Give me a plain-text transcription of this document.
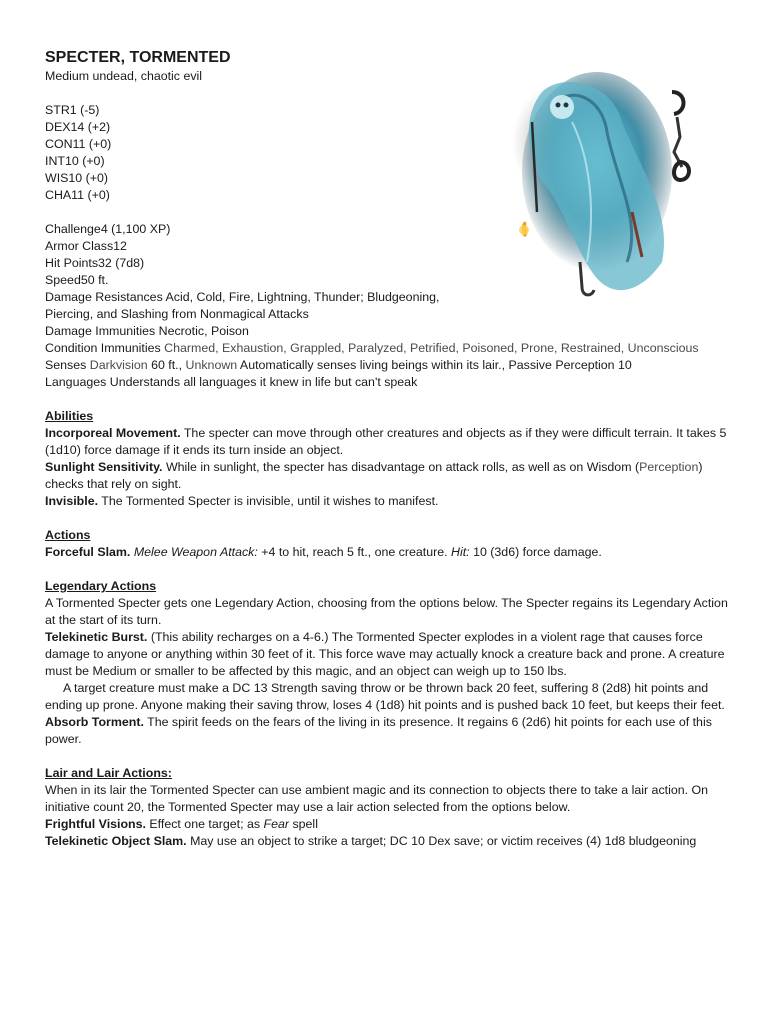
SPECTER, TORMENTED
Medium undead, chaotic evil
STR1 (-5)
DEX14 (+2)
CON11 (+0)
INT10 (+0)
WIS10 (+0)
CHA11 (+0)
Challenge4 (1,100 XP)
Armor Class12
Hit Points32 (7d8)
Speed50 ft.
Damage Resistances Acid, Cold, Fire, Lightning, Thunder; Bludgeoning, Piercing, and Slashing from Nonmagical Attacks
Damage Immunities Necrotic, Poison
Condition Immunities Charmed, Exhaustion, Grappled, Paralyzed, Petrified, Poisoned, Prone, Restrained, Unconscious
Senses Darkvision 60 ft., Unknown Automatically senses living beings within its lair., Passive Perception 10
Languages Understands all languages it knew in life but can't speak
Abilities

Incorporeal Movement. The specter can move through other creatures and objects as if they were difficult terrain. It takes 5 (1d10) force damage if it ends its turn inside an object.

Sunlight Sensitivity. While in sunlight, the specter has disadvantage on attack rolls, as well as on Wisdom (Perception) checks that rely on sight.

Invisible. The Tormented Specter is invisible, until it wishes to manifest.

Actions

Forceful Slam. Melee Weapon Attack: +4 to hit, reach 5 ft., one creature. Hit: 10 (3d6) force damage.

Legendary Actions

A Tormented Specter gets one Legendary Action, choosing from the options below. The Specter regains its Legendary Action at the start of its turn.

Telekinetic Burst. (This ability recharges on a 4-6.) The Tormented Specter explodes in a violent rage that causes force damage to anyone or anything within 30 feet of it. This force wave may actually knock a creature back and prone. A creature must be Medium or smaller to be affected by this magic, and an object can weigh up to 150 lbs.

A target creature must make a DC 13 Strength saving throw or be thrown back 20 feet, suffering 8 (2d8) hit points and ending up prone. Anyone making their saving throw, loses 4 (1d8) hit points and is pushed back 10 feet, but keeps their feet.

Absorb Torment. The spirit feeds on the fears of the living in its presence. It regains 6 (2d6) hit points for each use of this power.

Lair and Lair Actions:

When in its lair the Tormented Specter can use ambient magic and its connection to objects there to take a lair action. On initiative count 20, the Tormented Specter may use a lair action selected from the options below.

Frightful Visions. Effect one target; as Fear spell

Telekinetic Object Slam. May use an object to strike a target; DC 10 Dex save; or victim receives (4) 1d8 bludgeoning
